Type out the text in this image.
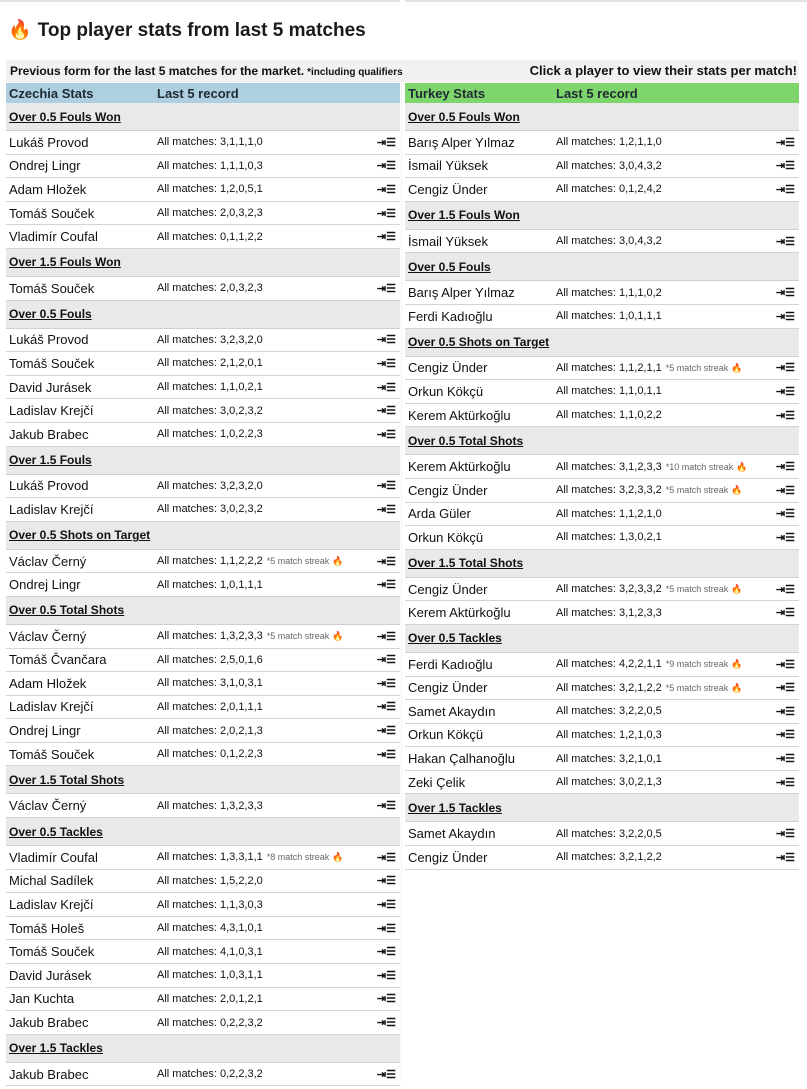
🔥 Top player stats from last 5 matches
Previous form for the last 5 matches for the market. *including qualifiers	Click a player to view their stats per match!
Czechia Stats	Last 5 record
Over 0.5 Fouls Won
Lukáš Provod	All matches: 3,1,1,1,0	⇥☰
Ondrej Lingr	All matches: 1,1,1,0,3	⇥☰
Adam Hložek	All matches: 1,2,0,5,1	⇥☰
Tomáš Souček	All matches: 2,0,3,2,3	⇥☰
Vladimír Coufal	All matches: 0,1,1,2,2	⇥☰
Over 1.5 Fouls Won
Tomáš Souček	All matches: 2,0,3,2,3	⇥☰
Over 0.5 Fouls
Lukáš Provod	All matches: 3,2,3,2,0	⇥☰
Tomáš Souček	All matches: 2,1,2,0,1	⇥☰
David Jurásek	All matches: 1,1,0,2,1	⇥☰
Ladislav Krejčí	All matches: 3,0,2,3,2	⇥☰
Jakub Brabec	All matches: 1,0,2,2,3	⇥☰
Over 1.5 Fouls
Lukáš Provod	All matches: 3,2,3,2,0	⇥☰
Ladislav Krejčí	All matches: 3,0,2,3,2	⇥☰
Over 0.5 Shots on Target
Václav Černý	All matches: 1,1,2,2,2 *5 match streak 🔥	⇥☰
Ondrej Lingr	All matches: 1,0,1,1,1	⇥☰
Over 0.5 Total Shots
Václav Černý	All matches: 1,3,2,3,3 *5 match streak 🔥	⇥☰
Tomáš Čvančara	All matches: 2,5,0,1,6	⇥☰
Adam Hložek	All matches: 3,1,0,3,1	⇥☰
Ladislav Krejčí	All matches: 2,0,1,1,1	⇥☰
Ondrej Lingr	All matches: 2,0,2,1,3	⇥☰
Tomáš Souček	All matches: 0,1,2,2,3	⇥☰
Over 1.5 Total Shots
Václav Černý	All matches: 1,3,2,3,3	⇥☰
Over 0.5 Tackles
Vladimír Coufal	All matches: 1,3,3,1,1 *8 match streak 🔥	⇥☰
Michal Sadílek	All matches: 1,5,2,2,0	⇥☰
Ladislav Krejčí	All matches: 1,1,3,0,3	⇥☰
Tomáš Holeš	All matches: 4,3,1,0,1	⇥☰
Tomáš Souček	All matches: 4,1,0,3,1	⇥☰
David Jurásek	All matches: 1,0,3,1,1	⇥☰
Jan Kuchta	All matches: 2,0,1,2,1	⇥☰
Jakub Brabec	All matches: 0,2,2,3,2	⇥☰
Over 1.5 Tackles
Jakub Brabec	All matches: 0,2,2,3,2	⇥☰
Turkey Stats	Last 5 record
Over 0.5 Fouls Won
Barış Alper Yılmaz	All matches: 1,2,1,1,0	⇥☰
İsmail Yüksek	All matches: 3,0,4,3,2	⇥☰
Cengiz Ünder	All matches: 0,1,2,4,2	⇥☰
Over 1.5 Fouls Won
İsmail Yüksek	All matches: 3,0,4,3,2	⇥☰
Over 0.5 Fouls
Barış Alper Yılmaz	All matches: 1,1,1,0,2	⇥☰
Ferdi Kadıoğlu	All matches: 1,0,1,1,1	⇥☰
Over 0.5 Shots on Target
Cengiz Ünder	All matches: 1,1,2,1,1 *5 match streak 🔥	⇥☰
Orkun Kökçü	All matches: 1,1,0,1,1	⇥☰
Kerem Aktürkoğlu	All matches: 1,1,0,2,2	⇥☰
Over 0.5 Total Shots
Kerem Aktürkoğlu	All matches: 3,1,2,3,3 *10 match streak 🔥	⇥☰
Cengiz Ünder	All matches: 3,2,3,3,2 *5 match streak 🔥	⇥☰
Arda Güler	All matches: 1,1,2,1,0	⇥☰
Orkun Kökçü	All matches: 1,3,0,2,1	⇥☰
Over 1.5 Total Shots
Cengiz Ünder	All matches: 3,2,3,3,2 *5 match streak 🔥	⇥☰
Kerem Aktürkoğlu	All matches: 3,1,2,3,3	⇥☰
Over 0.5 Tackles
Ferdi Kadıoğlu	All matches: 4,2,2,1,1 *9 match streak 🔥	⇥☰
Cengiz Ünder	All matches: 3,2,1,2,2 *5 match streak 🔥	⇥☰
Samet Akaydın	All matches: 3,2,2,0,5	⇥☰
Orkun Kökçü	All matches: 1,2,1,0,3	⇥☰
Hakan Çalhanoğlu	All matches: 3,2,1,0,1	⇥☰
Zeki Çelik	All matches: 3,0,2,1,3	⇥☰
Over 1.5 Tackles
Samet Akaydın	All matches: 3,2,2,0,5	⇥☰
Cengiz Ünder	All matches: 3,2,1,2,2	⇥☰
